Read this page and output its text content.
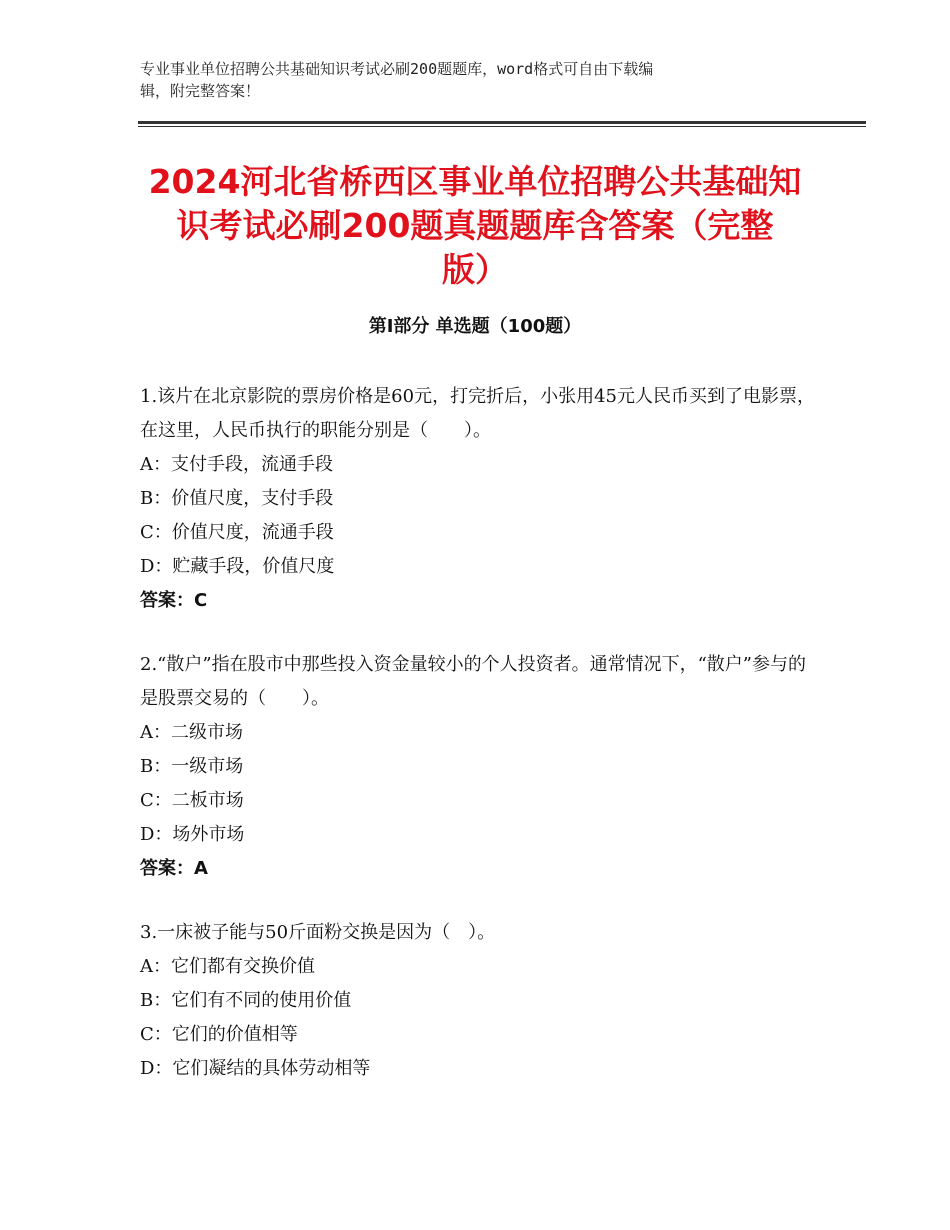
专业事业单位招聘公共基础知识考试必刷200题题库，word格式可自由下载编
辑，附完整答案！
2024河北省桥西区事业单位招聘公共基础知
识考试必刷200题真题题库含答案（完整
版）
第Ⅰ部分 单选题（100题）
1.该片在北京影院的票房价格是60元，打完折后，小张用45元人民币买到了电影票，在这里，人民币执行的职能分别是（　　）。
A：支付手段，流通手段
B：价值尺度，支付手段
C：价值尺度，流通手段
D：贮藏手段，价值尺度
答案：C
2.“散户”指在股市中那些投入资金量较小的个人投资者。通常情况下，“散户”参与的是股票交易的（　　）。
A：二级市场
B：一级市场
C：二板市场
D：场外市场
答案：A
3.一床被子能与50斤面粉交换是因为（　）。
A：它们都有交换价值
B：它们有不同的使用价值
C：它们的价值相等
D：它们凝结的具体劳动相等
